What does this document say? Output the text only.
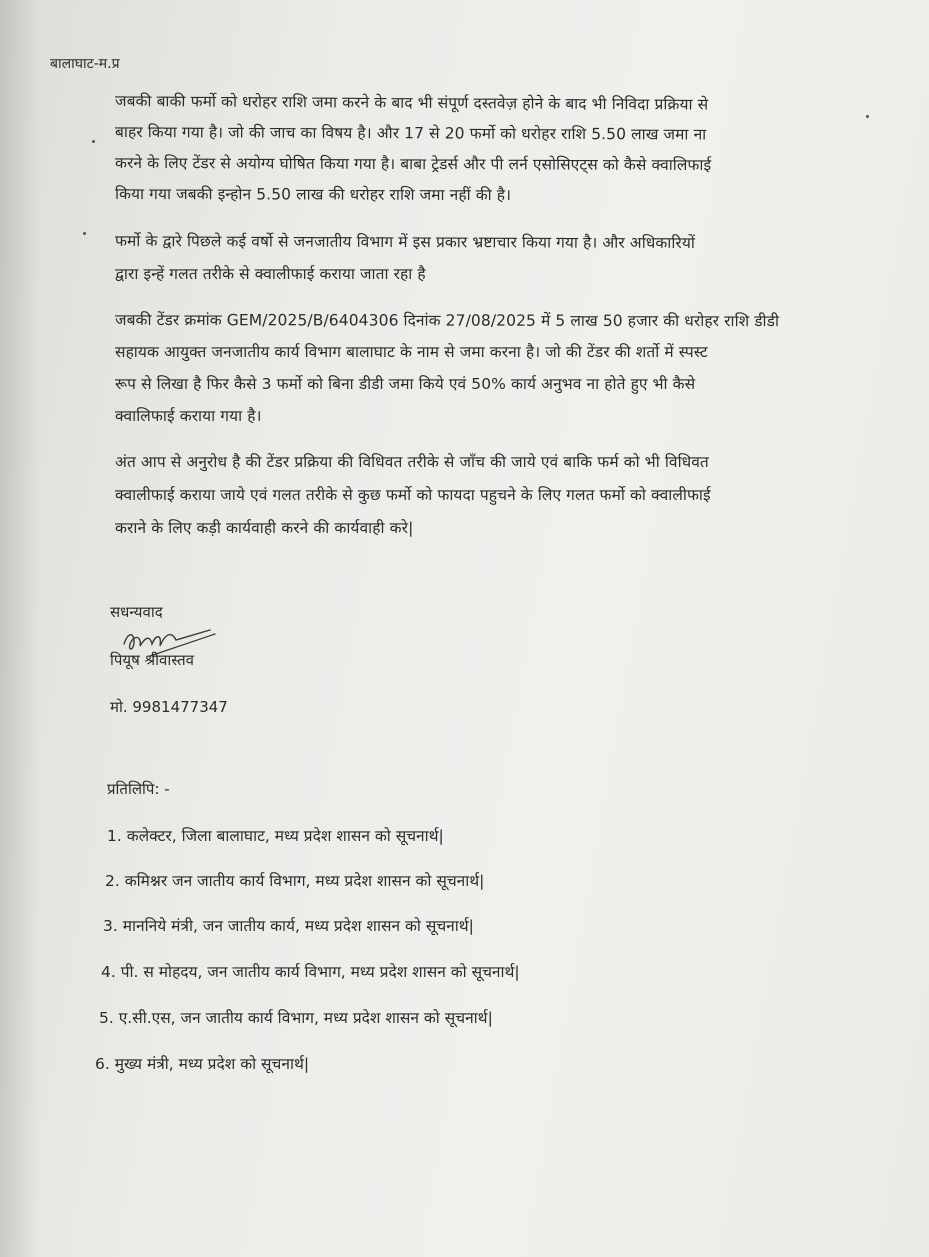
बालाघाट-म.प्र
जबकी बाकी फर्मो को धरोहर राशि जमा करने के बाद भी संपूर्ण दस्तवेज़ होने के बाद भी निविदा प्रक्रिया से
बाहर किया गया है। जो की जाच का विषय है। और 17 से 20 फर्मो को धरोहर राशि 5.50 लाख जमा ना
करने के लिए टेंडर से अयोग्य घोषित किया गया है। बाबा ट्रेडर्स और पी लर्न एसोसिएट्स को कैसे क्वालिफाई
किया गया जबकी इन्होन 5.50 लाख की धरोहर राशि जमा नहीं की है।
फर्मो के द्वारे पिछले कई वर्षो से जनजातीय विभाग में इस प्रकार भ्रष्टाचार किया गया है। और अधिकारियों
द्वारा इन्हें गलत तरीके से क्वालीफाई कराया जाता रहा है
जबकी टेंडर क्रमांक GEM/2025/B/6404306 दिनांक 27/08/2025 में 5 लाख 50 हजार की धरोहर राशि डीडी
सहायक आयुक्त जनजातीय कार्य विभाग बालाघाट के नाम से जमा करना है। जो की टेंडर की शर्तो में स्पस्ट
रूप से लिखा है फिर कैसे 3 फर्मो को बिना डीडी जमा किये एवं 50% कार्य अनुभव ना होते हुए भी कैसे
क्वालिफाई कराया गया है।
अंत आप से अनुरोध है की टेंडर प्रक्रिया की विधिवत तरीके से जाँच की जाये एवं बाकि फर्म को भी विधिवत
क्वालीफाई कराया जाये एवं गलत तरीके से कुछ फर्मो को फायदा पहुचने के लिए गलत फर्मो को क्वालीफाई
कराने के लिए कड़ी कार्यवाही करने की कार्यवाही करे|
सधन्यवाद
पियूष श्रीवास्तव
मो. 9981477347
प्रतिलिपि: -
1. कलेक्टर, जिला बालाघाट, मध्य प्रदेश शासन को सूचनार्थ|
2. कमिश्नर जन जातीय कार्य विभाग, मध्य प्रदेश शासन को सूचनार्थ|
3. माननिये मंत्री, जन जातीय कार्य, मध्य प्रदेश शासन को सूचनार्थ|
4. पी. स मोहदय, जन जातीय कार्य विभाग, मध्य प्रदेश शासन को सूचनार्थ|
5. ए.सी.एस, जन जातीय कार्य विभाग, मध्य प्रदेश शासन को सूचनार्थ|
6. मुख्य मंत्री, मध्य प्रदेश को सूचनार्थ|
